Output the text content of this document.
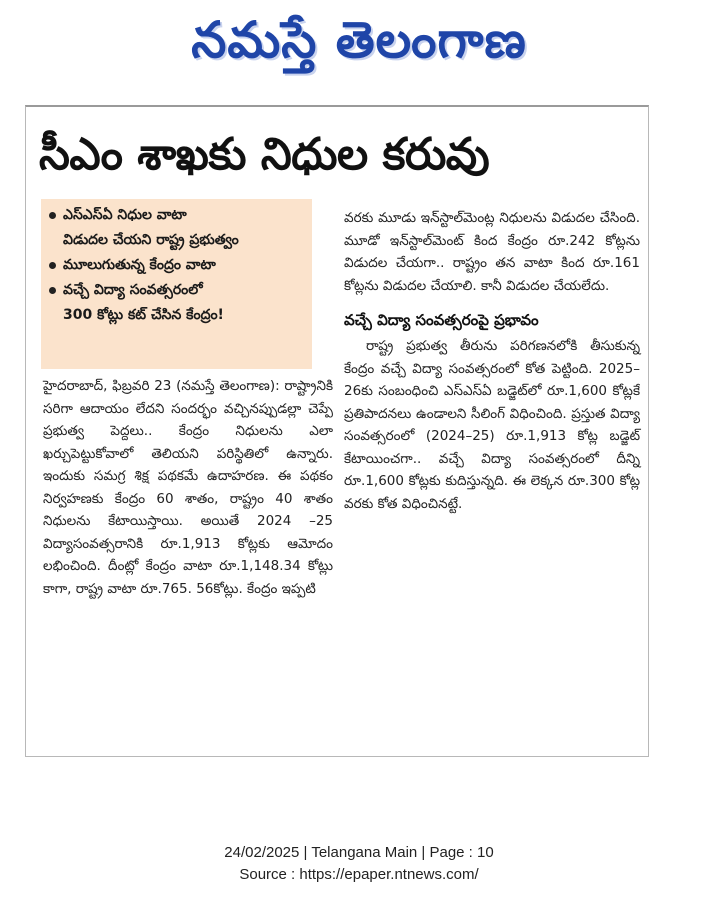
నమస్తే తెలంగాణ
సీఎం శాఖకు నిధుల కరువు
ఎస్ఎస్ఏ నిధుల వాటా
విడుదల చేయని రాష్ట్ర ప్రభుత్వం
మూలుగుతున్న కేంద్రం వాటా
వచ్చే విద్యా సంవత్సరంలో
300 కోట్లు కట్ చేసిన కేంద్రం!

హైదరాబాద్, ఫిబ్రవరి 23 (నమస్తే తెలంగాణ): రాష్ట్రానికి సరిగా ఆదాయం లేదని సందర్భం వచ్చినప్పుడల్లా చెప్పే ప్రభుత్వ పెద్దలు.. కేంద్రం నిధులను ఎలా ఖర్చుపెట్టుకోవాలో తెలియని పరిస్థితిలో ఉన్నారు. ఇందుకు సమగ్ర శిక్ష పథకమే ఉదాహరణ. ఈ పథకం నిర్వహణకు కేంద్రం 60 శాతం, రాష్ట్రం 40 శాతం నిధులను కేటాయిస్తాయి. అయితే 2024 –25 విద్యాసంవత్సరానికి రూ.1,913 కోట్లకు ఆమోదం లభించింది. దీంట్లో కేంద్రం వాటా రూ.1,148.34 కోట్లు కాగా, రాష్ట్ర వాటా రూ.765. 56కోట్లు. కేంద్రం ఇప్పటి

వరకు మూడు ఇన్‌స్టాల్‌మెంట్ల నిధులను విడుదల చేసింది. మూడో ఇన్‌స్టాల్‌మెంట్ కింద కేంద్రం రూ.242 కోట్లను విడుదల చేయగా.. రాష్ట్రం తన వాటా కింద రూ.161 కోట్లను విడుదల చేయాలి. కానీ విడుదల చేయలేదు.

వచ్చే విద్యా సంవత్సరంపై ప్రభావం

రాష్ట్ర ప్రభుత్వ తీరును పరిగణనలోకి తీసుకున్న కేంద్రం వచ్చే విద్యా సంవత్సరంలో కోత పెట్టింది. 2025–26కు సంబంధించి ఎస్ఎస్ఏ బడ్జెట్‌లో రూ.1,600 కోట్లకే ప్రతిపాదనలు ఉండాలని సీలింగ్ విధించింది. ప్రస్తుత విద్యా సంవత్సరంలో (2024–25) రూ.1,913 కోట్ల బడ్జెట్ కేటాయించగా.. వచ్చే విద్యా సంవత్సరంలో దీన్ని రూ.1,600 కోట్లకు కుదిస్తున్నది. ఈ లెక్కన రూ.300 కోట్ల వరకు కోత విధించినట్టే.

24/02/2025 | Telangana Main | Page : 10
Source : https://epaper.ntnews.com/
